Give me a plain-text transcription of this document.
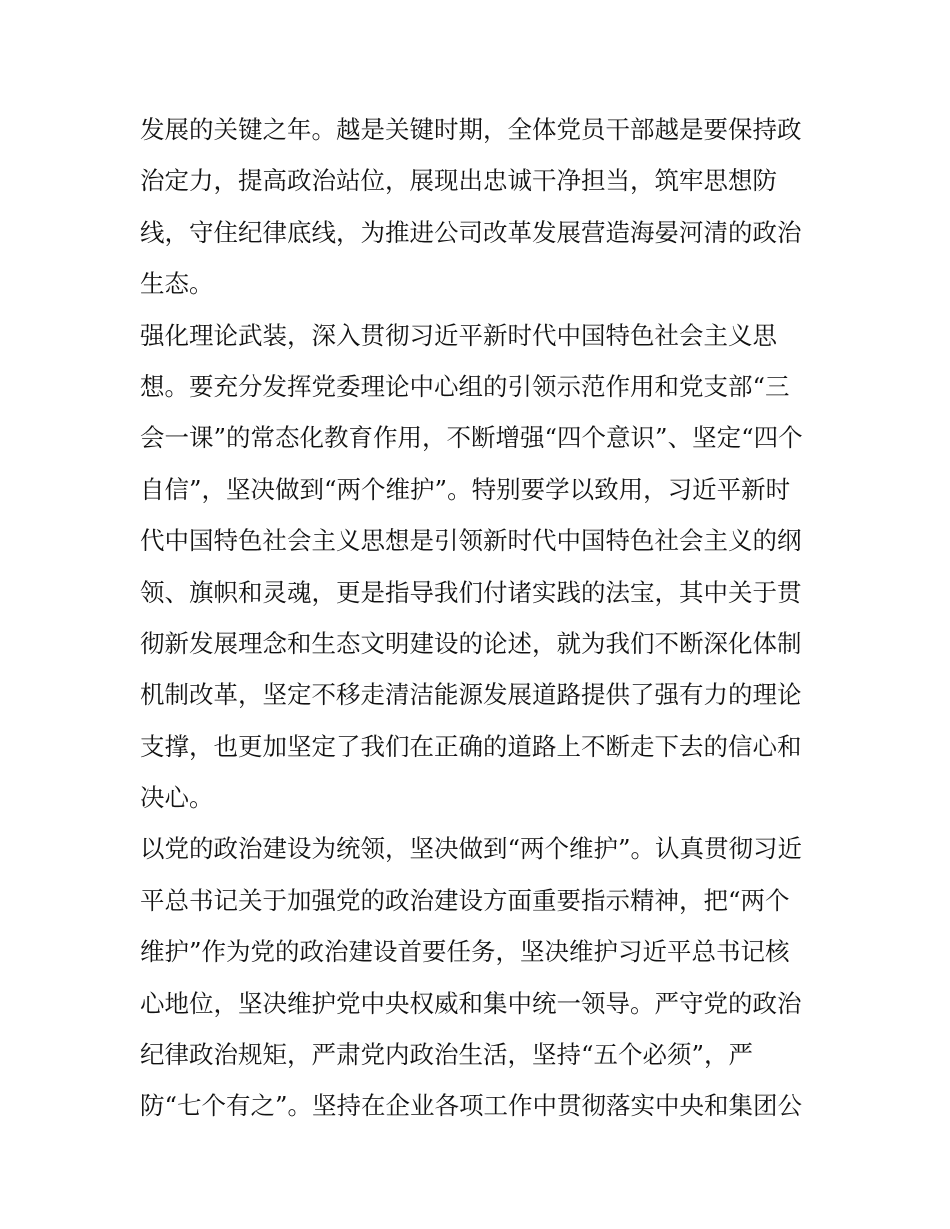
发展的关键之年。越是关键时期，全体党员干部越是要保持政
治定力，提高政治站位，展现出忠诚干净担当，筑牢思想防
线，守住纪律底线，为推进公司改革发展营造海晏河清的政治
生态。
强化理论武装，深入贯彻习近平新时代中国特色社会主义思
想。要充分发挥党委理论中心组的引领示范作用和党支部“三
会一课”的常态化教育作用，不断增强“四个意识”、坚定“四个
自信”，坚决做到“两个维护”。特别要学以致用，习近平新时
代中国特色社会主义思想是引领新时代中国特色社会主义的纲
领、旗帜和灵魂，更是指导我们付诸实践的法宝，其中关于贯
彻新发展理念和生态文明建设的论述，就为我们不断深化体制
机制改革，坚定不移走清洁能源发展道路提供了强有力的理论
支撑，也更加坚定了我们在正确的道路上不断走下去的信心和
决心。
以党的政治建设为统领，坚决做到“两个维护”。认真贯彻习近
平总书记关于加强党的政治建设方面重要指示精神，把“两个
维护”作为党的政治建设首要任务，坚决维护习近平总书记核
心地位，坚决维护党中央权威和集中统一领导。严守党的政治
纪律政治规矩，严肃党内政治生活，坚持“五个必须”，严
防“七个有之”。坚持在企业各项工作中贯彻落实中央和集团公
